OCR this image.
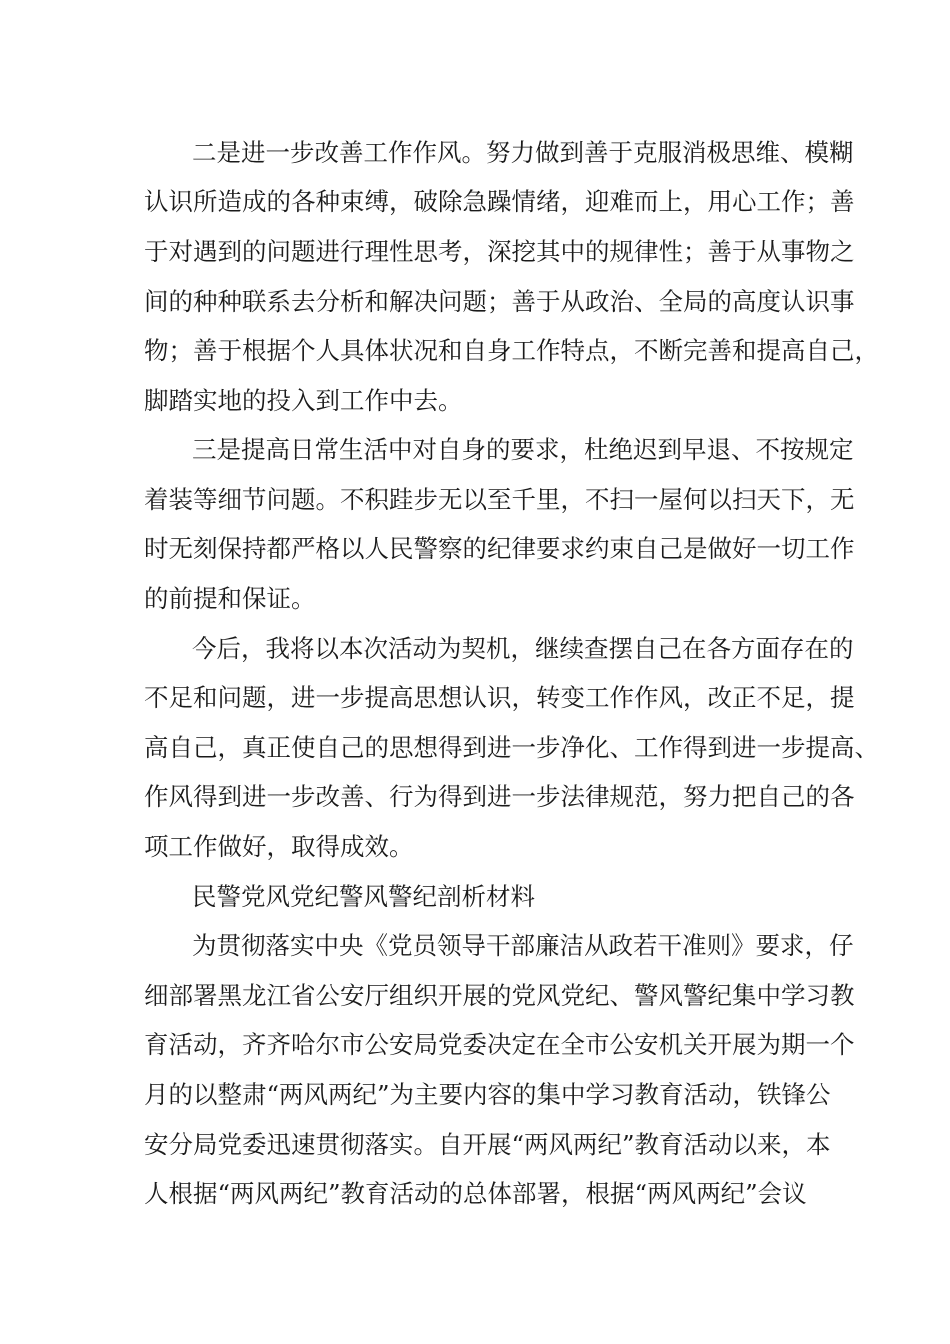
二是进一步改善工作作风。努力做到善于克服消极思维、模糊
认识所造成的各种束缚，破除急躁情绪，迎难而上，用心工作；善
于对遇到的问题进行理性思考，深挖其中的规律性；善于从事物之
间的种种联系去分析和解决问题；善于从政治、全局的高度认识事
物；善于根据个人具体状况和自身工作特点，不断完善和提高自己，
脚踏实地的投入到工作中去。
三是提高日常生活中对自身的要求，杜绝迟到早退、不按规定
着装等细节问题。不积跬步无以至千里，不扫一屋何以扫天下，无
时无刻保持都严格以人民警察的纪律要求约束自己是做好一切工作
的前提和保证。
今后，我将以本次活动为契机，继续查摆自己在各方面存在的
不足和问题，进一步提高思想认识，转变工作作风，改正不足，提
高自己，真正使自己的思想得到进一步净化、工作得到进一步提高、
作风得到进一步改善、行为得到进一步法律规范，努力把自己的各
项工作做好，取得成效。
民警党风党纪警风警纪剖析材料
为贯彻落实中央《党员领导干部廉洁从政若干准则》要求，仔
细部署黑龙江省公安厅组织开展的党风党纪、警风警纪集中学习教
育活动，齐齐哈尔市公安局党委决定在全市公安机关开展为期一个
月的以整肃“两风两纪”为主要内容的集中学习教育活动，铁锋公
安分局党委迅速贯彻落实。自开展“两风两纪”教育活动以来，本
人根据“两风两纪”教育活动的总体部署，根据“两风两纪”会议
